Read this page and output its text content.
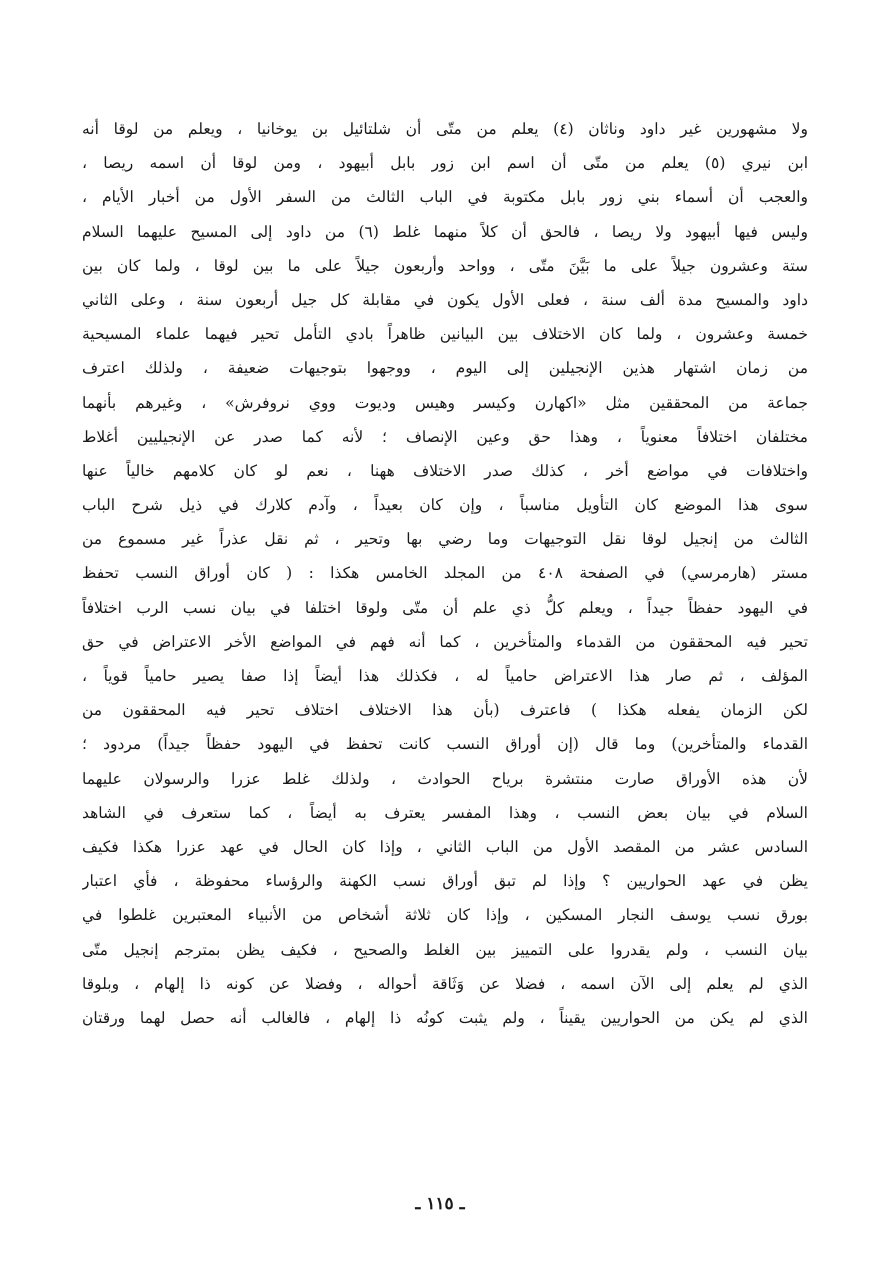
ولا مشهورين غير داود وناثان (٤) يعلم من متّى أن شلتائيل بن يوخانيا ، ويعلم من لوقا أنه
ابن نيري (٥) يعلم من متّى أن اسم ابن زور بابل أبيهود ، ومن لوقا أن اسمه ريصا ،
والعجب أن أسماء بني زور بابل مكتوبة في الباب الثالث من السفر الأول من أخبار الأيام ،
وليس فيها أبيهود ولا ريصا ، فالحق أن كلاً منهما غلط (٦) من داود إلى المسيح عليهما السلام
ستة وعشرون جيلاً على ما بَيَّنَ متّى ، وواحد وأربعون جيلاً على ما بين لوقا ، ولما كان بين
داود والمسيح مدة ألف سنة ، فعلى الأول يكون في مقابلة كل جيل أربعون سنة ، وعلى الثاني
خمسة وعشرون ، ولما كان الاختلاف بين البيانين ظاهراً بادي التأمل تحير فيهما علماء المسيحية
من زمان اشتهار هذين الإنجيلين إلى اليوم ، ووجهوا بتوجيهات ضعيفة ، ولذلك اعترف
جماعة من المحققين مثل «اكهارن وكيسر وهيس وديوت ووي نروفرش» ، وغيرهم بأنهما
مختلفان اختلافاً معنوياً ، وهذا حق وعين الإنصاف ؛ لأنه كما صدر عن الإنجيليين أغلاط
واختلافات في مواضع أخر ، كذلك صدر الاختلاف ههنا ، نعم لو كان كلامهم خالياً عنها
سوى هذا الموضع كان التأويل مناسباً ، وإن كان بعيداً ، وآدم كلارك في ذيل شرح الباب
الثالث من إنجيل لوقا نقل التوجيهات وما رضي بها وتحير ، ثم نقل عذراً غير مسموع من
مستر (هارمرسي) في الصفحة ٤٠٨ من المجلد الخامس هكذا : ( كان أوراق النسب تحفظ
في اليهود حفظاً جيداً ، ويعلم كلُّ ذي علم أن متّى ولوقا اختلفا في بيان نسب الرب اختلافاً
تحير فيه المحققون من القدماء والمتأخرين ، كما أنه فهم في المواضع الأخر الاعتراض في حق
المؤلف ، ثم صار هذا الاعتراض حامياً له ، فكذلك هذا أيضاً إذا صفا يصير حامياً قوياً ،
لكن الزمان يفعله هكذا ) فاعترف (بأن هذا الاختلاف اختلاف تحير فيه المحققون من
القدماء والمتأخرين) وما قال (إن أوراق النسب كانت تحفظ في اليهود حفظاً جيداً) مردود ؛
لأن هذه الأوراق صارت منتشرة برياح الحوادث ، ولذلك غلط عزرا والرسولان عليهما
السلام في بيان بعض النسب ، وهذا المفسر يعترف به أيضاً ، كما ستعرف في الشاهد
السادس عشر من المقصد الأول من الباب الثاني ، وإذا كان الحال في عهد عزرا هكذا فكيف
يظن في عهد الحواريين ؟ وإذا لم تبق أوراق نسب الكهنة والرؤساء محفوظة ، فأي اعتبار
بورق نسب يوسف النجار المسكين ، وإذا كان ثلاثة أشخاص من الأنبياء المعتبرين غلطوا في
بيان النسب ، ولم يقدروا على التمييز بين الغلط والصحيح ، فكيف يظن بمترجم إنجيل متّى
الذي لم يعلم إلى الآن اسمه ، فضلا عن وَثَاقة أحواله ، وفضلا عن كونه ذا إلهام ، وبلوقا
الذي لم يكن من الحواريين يقيناً ، ولم يثبت كونُه ذا إلهام ، فالغالب أنه حصل لهما ورقتان
ـ ١١٥ ـ
